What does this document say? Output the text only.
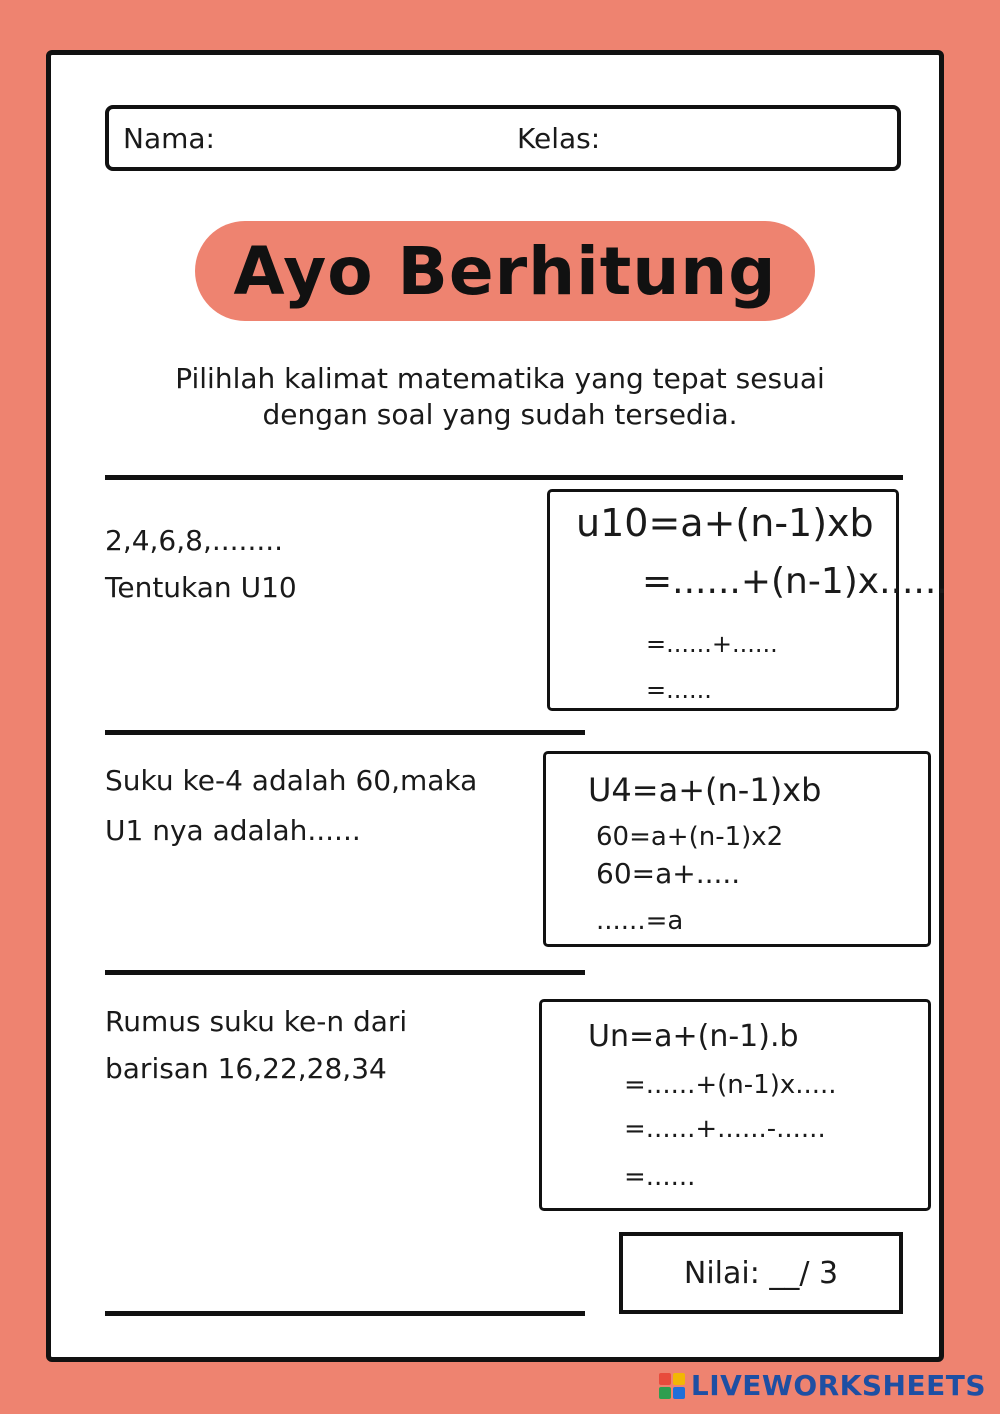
Nama:	Kelas:
Ayo Berhitung
Pilihlah kalimat matematika yang tepat sesuai
dengan soal yang sudah tersedia.
2,4,6,8,........
Tentukan U10
u10=a+(n-1)xb
=......+(n-1)x......
=......+......
=......
Suku ke-4 adalah 60,maka
U1 nya adalah......
U4=a+(n-1)xb
60=a+(n-1)x2
60=a+.....
......=a
Rumus suku ke-n dari
barisan 16,22,28,34
Un=a+(n-1).b
=......+(n-1)x.....
=......+......-......
=......
Nilai: __/ 3
LIVEWORKSHEETS
